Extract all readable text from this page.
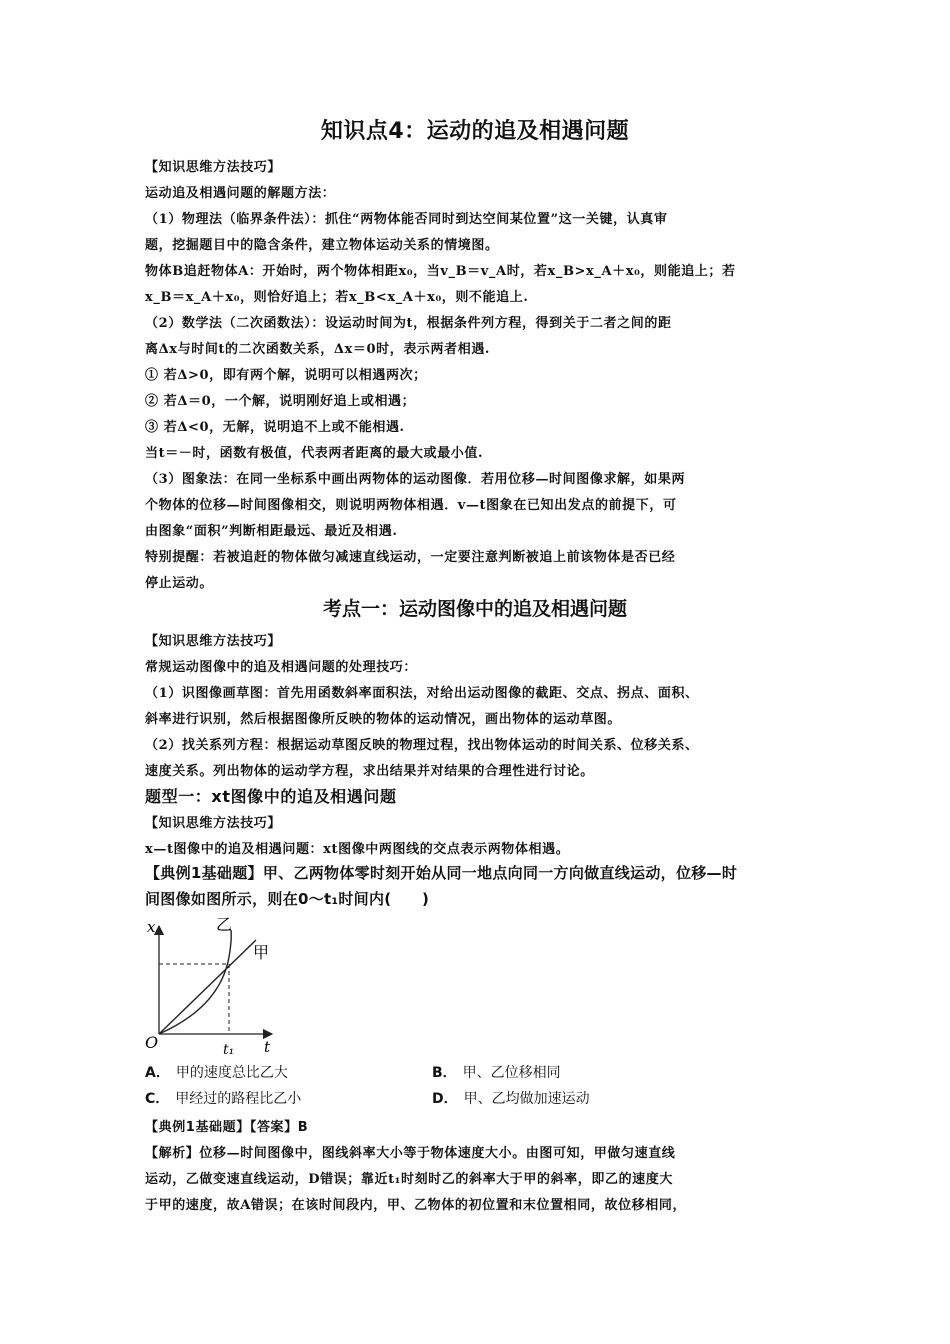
知识点4：运动的追及相遇问题
【知识思维方法技巧】
运动追及相遇问题的解题方法：
（1）物理法（临界条件法）：抓住“两物体能否同时到达空间某位置”这一关键，认真审
题，挖掘题目中的隐含条件，建立物体运动关系的情境图。
物体B追赶物体A：开始时，两个物体相距x₀，当v_B＝v_A时，若x_B>x_A＋x₀，则能追上；若
x_B＝x_A＋x₀，则恰好追上；若x_B<x_A＋x₀，则不能追上.
（2）数学法（二次函数法）：设运动时间为t，根据条件列方程，得到关于二者之间的距
离Δx与时间t的二次函数关系，Δx＝0时，表示两者相遇.
① 若Δ>0，即有两个解，说明可以相遇两次；
② 若Δ＝0，一个解，说明刚好追上或相遇；
③ 若Δ<0，无解，说明追不上或不能相遇.
当t＝－时，函数有极值，代表两者距离的最大或最小值.
（3）图象法：在同一坐标系中画出两物体的运动图像．若用位移—时间图像求解，如果两
个物体的位移—时间图像相交，则说明两物体相遇．v—t图象在已知出发点的前提下，可
由图象“面积”判断相距最远、最近及相遇.
特别提醒：若被追赶的物体做匀减速直线运动，一定要注意判断被追上前该物体是否已经
停止运动。
考点一：运动图像中的追及相遇问题
【知识思维方法技巧】
常规运动图像中的追及相遇问题的处理技巧：
（1）识图像画草图：首先用函数斜率面积法，对给出运动图像的截距、交点、拐点、面积、
斜率进行识别，然后根据图像所反映的物体的运动情况，画出物体的运动草图。
（2）找关系列方程：根据运动草图反映的物理过程，找出物体运动的时间关系、位移关系、
速度关系。列出物体的运动学方程，求出结果并对结果的合理性进行讨论。
题型一：xt图像中的追及相遇问题
【知识思维方法技巧】
x—t图像中的追及相遇问题：xt图像中两图线的交点表示两物体相遇。
【典例1基础题】甲、乙两物体零时刻开始从同一地点向同一方向做直线运动，位移—时
间图像如图所示，则在0～t₁时间内(　　)
x
t
O	t₁
乙
甲
A． 甲的速度总比乙大	B． 甲、乙位移相同
C． 甲经过的路程比乙小	D． 甲、乙均做加速运动
【典例1基础题】【答案】B
【解析】位移—时间图像中，图线斜率大小等于物体速度大小。由图可知，甲做匀速直线
运动，乙做变速直线运动，D错误；靠近t₁时刻时乙的斜率大于甲的斜率，即乙的速度大
于甲的速度，故A错误；在该时间段内，甲、乙物体的初位置和末位置相同，故位移相同，
